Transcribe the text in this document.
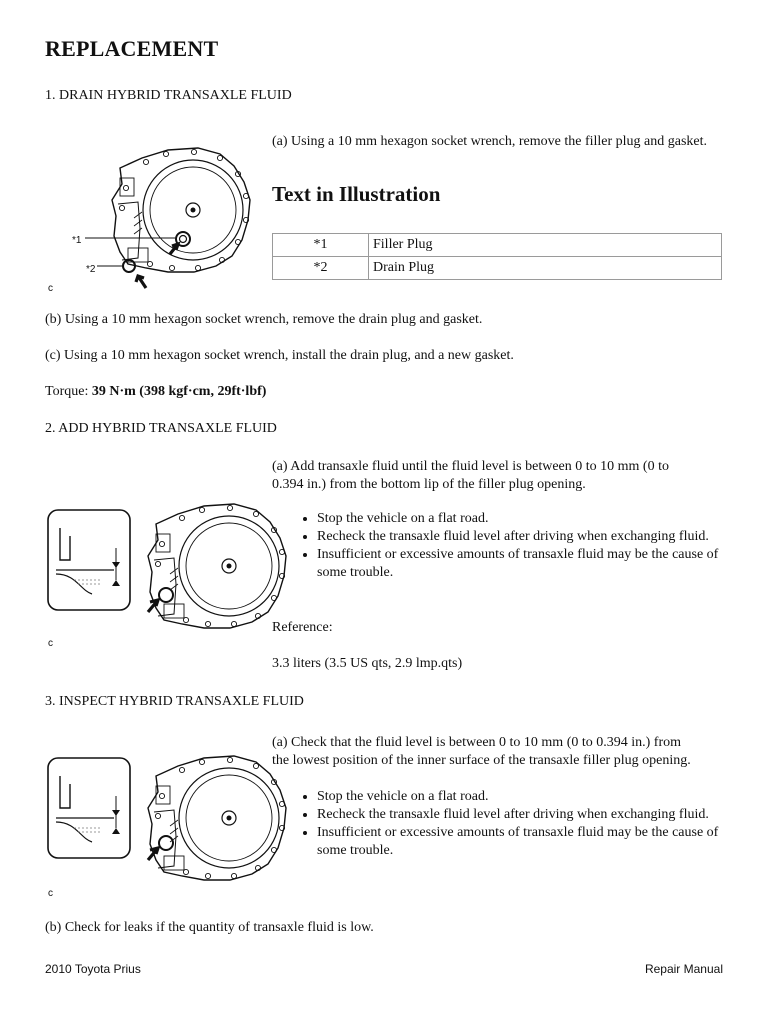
REPLACEMENT
1. DRAIN HYBRID TRANSAXLE FLUID
(a) Using a 10 mm hexagon socket wrench, remove the filler plug and gasket.
*1
*2
c
Text in Illustration
*1	Filler Plug
*2	Drain Plug
(b) Using a 10 mm hexagon socket wrench, remove the drain plug and gasket.
(c) Using a 10 mm hexagon socket wrench, install the drain plug, and a new gasket.
Torque: 39 N·m (398 kgf·cm, 29ft·lbf)
2. ADD HYBRID TRANSAXLE FLUID
(a) Add transaxle fluid until the fluid level is between 0 to 10 mm (0 to
0.394 in.) from the bottom lip of the filler plug opening.
c
• Stop the vehicle on a flat road.
• Recheck the transaxle fluid level after driving when exchanging fluid.
• Insufficient or excessive amounts of transaxle fluid may be the cause of some trouble.
Reference:
3.3 liters (3.5 US qts, 2.9 lmp.qts)
3. INSPECT HYBRID TRANSAXLE FLUID
(a) Check that the fluid level is between 0 to 10 mm (0 to 0.394 in.) from
the lowest position of the inner surface of the transaxle filler plug opening.
c
• Stop the vehicle on a flat road.
• Recheck the transaxle fluid level after driving when exchanging fluid.
• Insufficient or excessive amounts of transaxle fluid may be the cause of some trouble.
(b) Check for leaks if the quantity of transaxle fluid is low.
2010 Toyota Prius	Repair Manual
